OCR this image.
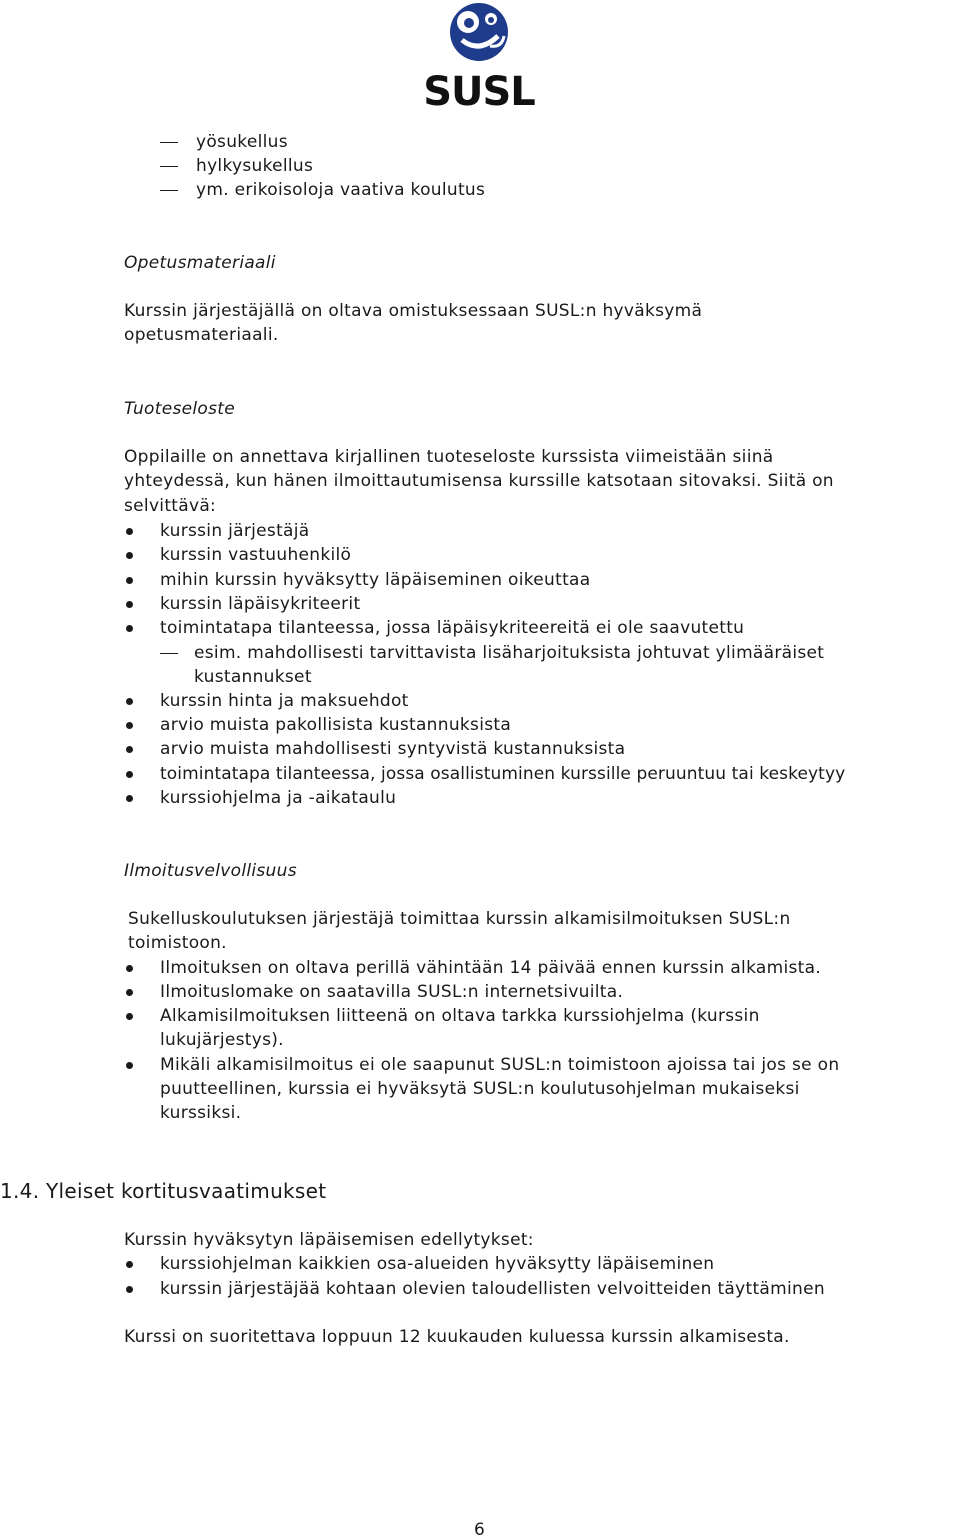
SUSL
yösukellus
hylkysukellus
ym. erikoisoloja vaativa koulutus
Opetusmateriaali
Kurssin järjestäjällä on oltava omistuksessaan SUSL:n hyväksymä
opetusmateriaali.
Tuoteseloste
Oppilaille on annettava kirjallinen tuoteseloste kurssista viimeistään siinä
yhteydessä, kun hänen ilmoittautumisensa kurssille katsotaan sitovaksi. Siitä on
selvittävä:
kurssin järjestäjä
kurssin vastuuhenkilö
mihin kurssin hyväksytty läpäiseminen oikeuttaa
kurssin läpäisykriteerit
toimintatapa tilanteessa, jossa läpäisykriteereitä ei ole saavutettu
esim. mahdollisesti tarvittavista lisäharjoituksista johtuvat ylimääräiset
kustannukset
kurssin hinta ja maksuehdot
arvio muista pakollisista kustannuksista
arvio muista mahdollisesti syntyvistä kustannuksista
toimintatapa tilanteessa, jossa osallistuminen kurssille peruuntuu tai keskeytyy
kurssiohjelma ja -aikataulu
Ilmoitusvelvollisuus
Sukelluskoulutuksen järjestäjä toimittaa kurssin alkamisilmoituksen SUSL:n
toimistoon.
Ilmoituksen on oltava perillä vähintään 14 päivää ennen kurssin alkamista.
Ilmoituslomake on saatavilla SUSL:n internetsivuilta.
Alkamisilmoituksen liitteenä on oltava tarkka kurssiohjelma (kurssin
lukujärjestys).
Mikäli alkamisilmoitus ei ole saapunut SUSL:n toimistoon ajoissa tai jos se on
puutteellinen, kurssia ei hyväksytä SUSL:n koulutusohjelman mukaiseksi
kurssiksi.
1.4. Yleiset kortitusvaatimukset
Kurssin hyväksytyn läpäisemisen edellytykset:
kurssiohjelman kaikkien osa-alueiden hyväksytty läpäiseminen
kurssin järjestäjää kohtaan olevien taloudellisten velvoitteiden täyttäminen
Kurssi on suoritettava loppuun 12 kuukauden kuluessa kurssin alkamisesta.
6
